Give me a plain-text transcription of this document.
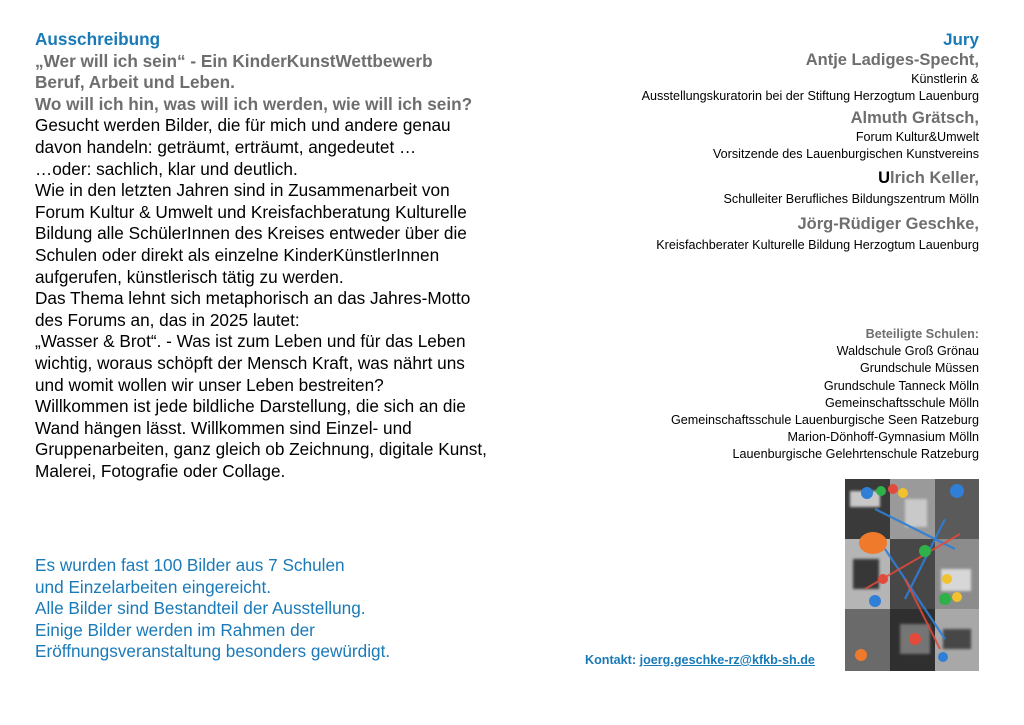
Ausschreibung
„Wer will ich sein“ - Ein KinderKunstWettbewerb
Beruf, Arbeit und Leben.
Wo will ich hin, was will ich werden, wie will ich sein?
Gesucht werden Bilder, die für mich und andere genau
davon handeln: geträumt, erträumt, angedeutet …
…oder: sachlich, klar und deutlich.
Wie in den letzten Jahren sind in Zusammenarbeit von
Forum Kultur & Umwelt und Kreisfachberatung Kulturelle
Bildung alle SchülerInnen des Kreises entweder über die
Schulen oder direkt als einzelne KinderKünstlerInnen
aufgerufen, künstlerisch tätig zu werden.
Das Thema lehnt sich metaphorisch an das Jahres-Motto
des Forums an, das in 2025 lautet:
„Wasser & Brot“. - Was ist zum Leben und für das Leben
wichtig, woraus schöpft der Mensch Kraft, was nährt uns
und womit wollen wir unser Leben bestreiten?
Willkommen ist jede bildliche Darstellung, die sich an die
Wand hängen lässt. Willkommen sind Einzel- und
Gruppenarbeiten, ganz gleich ob Zeichnung, digitale Kunst,
Malerei, Fotografie oder Collage.
Es wurden fast 100 Bilder aus 7 Schulen
und Einzelarbeiten eingereicht.
Alle Bilder sind Bestandteil der Ausstellung.
Einige Bilder werden im Rahmen der
Eröffnungsveranstaltung besonders gewürdigt.
Jury
Antje Ladiges-Specht,
Künstlerin &
Ausstellungskuratorin bei der Stiftung Herzogtum Lauenburg
Almuth Grätsch,
Forum Kultur&Umwelt
Vorsitzende des Lauenburgischen Kunstvereins
Ulrich Keller,
Schulleiter Berufliches Bildungszentrum Mölln
Jörg-Rüdiger Geschke,
Kreisfachberater Kulturelle Bildung Herzogtum Lauenburg
Beteiligte Schulen:
Waldschule Groß Grönau
Grundschule Müssen
Grundschule Tanneck Mölln
Gemeinschaftsschule Mölln
Gemeinschaftsschule Lauenburgische Seen Ratzeburg
Marion-Dönhoff-Gymnasium Mölln
Lauenburgische Gelehrtenschule Ratzeburg
Kontakt: joerg.geschke-rz@kfkb-sh.de
